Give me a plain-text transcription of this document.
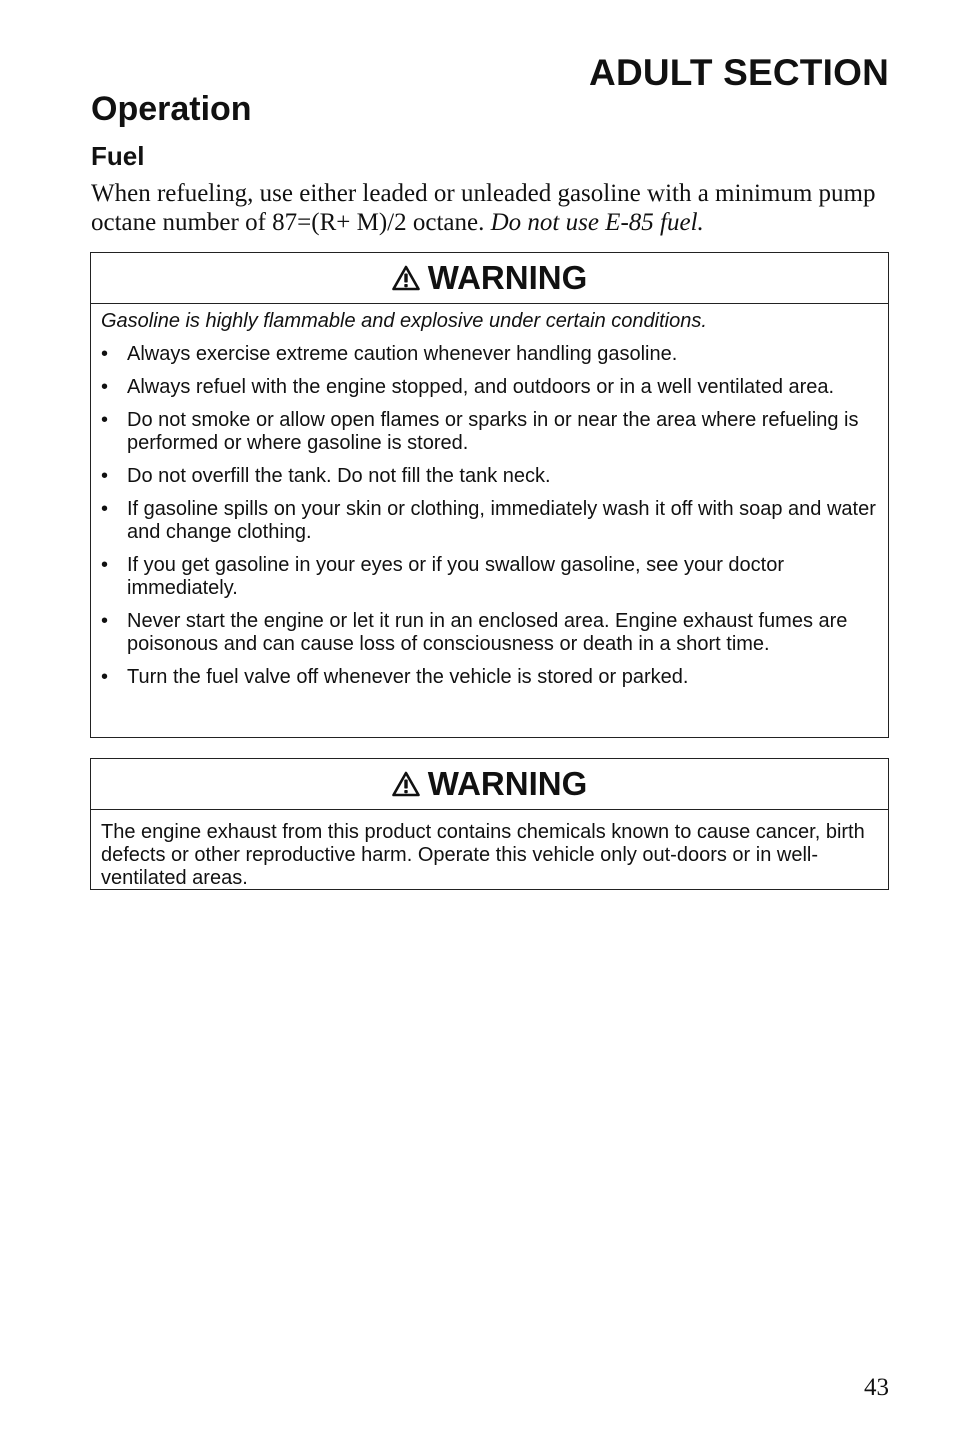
ADULT SECTION
Operation
Fuel

When refueling, use either leaded or unleaded gasoline with a minimum pump octane number of 87=(R+ M)/2 octane. Do not use E-85 fuel.

WARNING

Gasoline is highly flammable and explosive under certain conditions.

• Always exercise extreme caution whenever handling gasoline.
• Always refuel with the engine stopped, and outdoors or in a well ventilated area.
• Do not smoke or allow open flames or sparks in or near the area where refueling is performed or where gasoline is stored.
• Do not overfill the tank. Do not fill the tank neck.
• If gasoline spills on your skin or clothing, immediately wash it off with soap and water and change clothing.
• If you get gasoline in your eyes or if you swallow gasoline, see your doctor immediately.
• Never start the engine or let it run in an enclosed area. Engine exhaust fumes are poisonous and can cause loss of consciousness or death in a short time.
• Turn the fuel valve off whenever the vehicle is stored or parked.
WARNING

The engine exhaust from this product contains chemicals known to cause cancer, birth defects or other reproductive harm. Operate this vehicle only out-doors or in well-ventilated areas.

43
